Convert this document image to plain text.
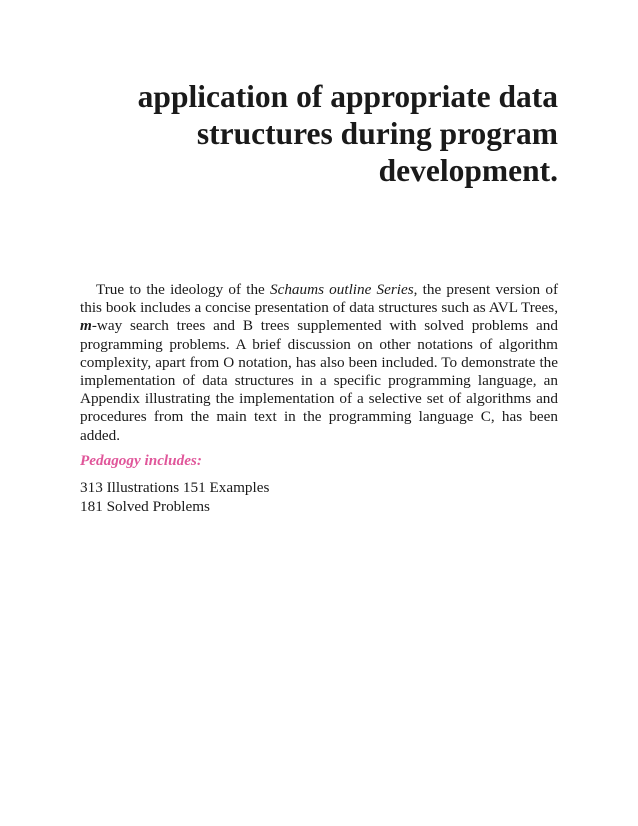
application of appropriate data
structures during program
development.

True to the ideology of the Schaums outline Series, the present version of this book includes a concise presentation of data structures such as AVL Trees, m-way search trees and B trees supplemented with solved problems and programming problems. A brief discussion on other notations of algorithm complexity, apart from O notation, has also been included. To demonstrate the implementation of data structures in a specific programming language, an Appendix illustrating the implementation of a selective set of algorithms and procedures from the main text in the programming language C, has been added.

Pedagogy includes:

313 Illustrations 151 Examples
181 Solved Problems
